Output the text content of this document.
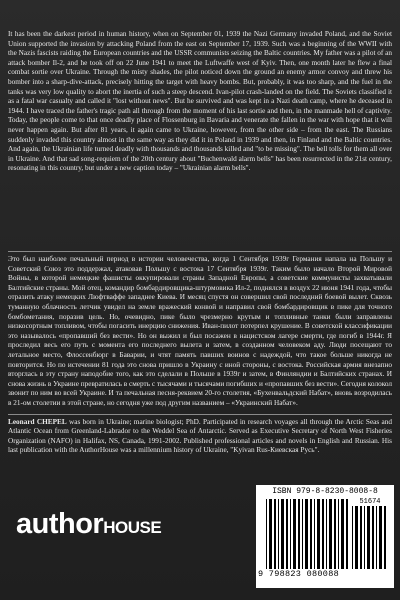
It has been the darkest period in human history, when on September 01, 1939 the Nazi Germany invaded Poland, and the Soviet Union supported the invasion by attacking Poland from the east on September 17, 1939. Such was a beginning of the WWII with the Nazis fascists raiding the European countries and the USSR communists seizing the Baltic countries. My father was a pilot of an attack bomber Il-2, and he took off on 22 June 1941 to meet the Luftwaffe west of Kyiv. Then, one month later he flew a final combat sortie over Ukraine. Through the misty shades, the pilot noticed down the ground an enemy armor convoy and threw his bomber into a sharp-dive-attack, precisely hitting the target with heavy bombs. But, probably, it was too sharp, and the fuel in the tanks was very low quality to abort the inertia of such a steep descend. Ivan-pilot crash-landed on the field. The Soviets classified it as a fatal war casualty and called it "lost without news". But he survived and was kept in a Nazi death camp, where he deceased in 1944. I have traced the father's tragic path all through from the moment of his last sortie and then, in the manmade hell of captivity. Today, the people come to that once deadly place of Flossenburg in Bavaria and venerate the fallen in the war with hope that it will never happen again. But after 81 years, it again came to Ukraine, however, from the other side – from the east. The Russians suddenly invaded this country almost in the same way as they did it in Poland in 1939 and then, in Finland and the Baltic countries. And again, the Ukrainian life turned deadly with thousands and thousands killed and "to be missing". The bell tolls for them all over in Ukraine. And that sad song-requiem of the 20th century about "Buchenwald alarm bells" has been resurrected in the 21st century, resonating in this country, but under a new caption today – "Ukrainian alarm bells".

Это был наиболее печальный период в истории человечества, когда 1 Сентября 1939г Германия напала на Польшу и Советский Союз это поддержал, атаковав Польшу с востока 17 Сентября 1939г. Таким было начало Второй Мировой Войны, в которой немецкие фашисты оккупировали страны Западной Европы, а советские коммунисты захватывали Балтийские страны. Мой отец, командир бомбардировщика-штурмовика Ил-2, поднялся в воздух 22 июня 1941 года, чтобы отразить атаку немецких Люфтваффе западнее Киева. И месяц спустя он совершил свой последний боевой вылет. Сквозь туманную облачность летчик увидел на земле вражеский конвой и направил свой бомбардировщик в пике для точного бомбометания, поразив цель. Но, очевидно, пике было чрезмерно крутым и топливные танки были заправлены низкосортным топливом, чтобы погасить инерцию снижения. Иван-пилот потерпел крушение. В советской классификации это называлось «пропавший без вести». Но он выжил и был посажен в нацистском лагере смерти, где погиб в 1944г. Я проследил весь его путь с момента его последнего вылета и затем, в созданном человеком аду. Люди посещают то летальное место, Флоссенбюрг в Баварии, и чтят память павших воинов с надеждой, что такое больше никогда не повторится. Но по истечении 81 года это снова пришло в Украину с иной стороны, с востока. Российская армия внезапно вторглась в эту страну наподобие того, как это сделали в Польше в 1939г и затем, в Финляндии и Балтийских странах. И снова жизнь в Украине превратилась в смерть с тысячами и тысячами погибших и «пропавших без вести». Сегодня колокол звонит по ним во всей Украине. И та печальная песня-реквием 20-го столетия, «Бухенвальдский Набат», вновь возродилась в 21-ом столетии в этой стране, но сегодня уже под другим названием – «Украинский Набат».

Leonard CHEPEL was born in Ukraine; marine biologist; PhD. Participated in research voyages all through the Arctic Seas and Atlantic Ocean from Greenland-Labrador to the Weddel Sea of Antarctic. Served as Executive Secretary of North West Fisheries Organization (NAFO) in Halifax, NS, Canada, 1991-2002. Published professional articles and novels in English and Russian. His last publication with the AuthorHouse was a millennium history of Ukraine, "Kyivan Rus-Киевская Русь".

authorHOUSE
ISBN 979-8-8230-8008-8
51674
9 798823 080088
